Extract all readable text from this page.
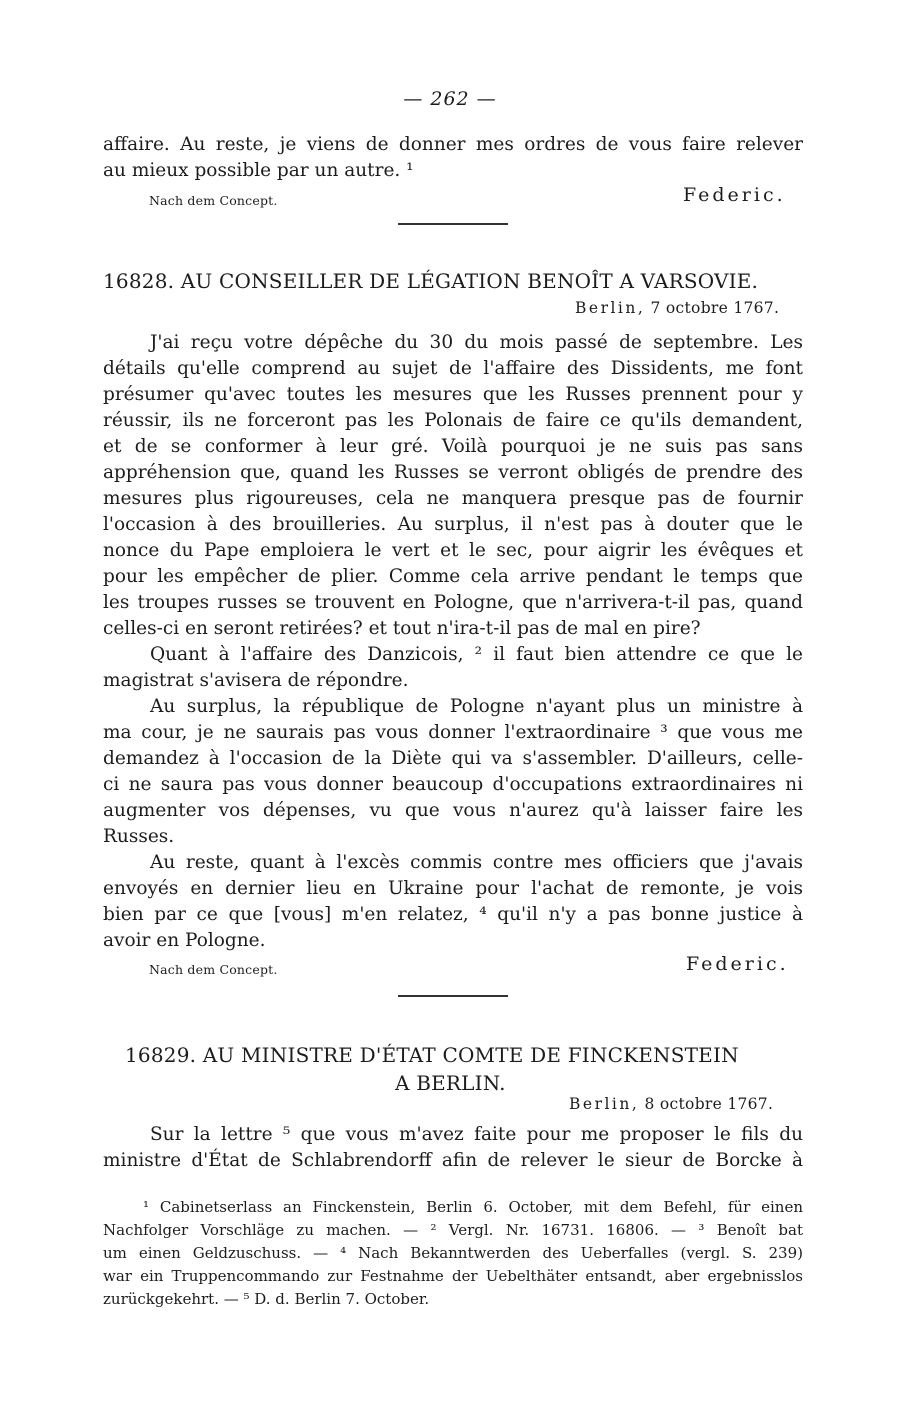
— 262 —
affaire. Au reste, je viens de donner mes ordres de vous faire relever
au mieux possible par un autre. ¹
Nach dem Concept.	Federic.
16828. AU CONSEILLER DE LÉGATION BENOÎT A VARSOVIE.
Berlin, 7 octobre 1767.
J'ai reçu votre dépêche du 30 du mois passé de septembre. Les
détails qu'elle comprend au sujet de l'affaire des Dissidents, me font
présumer qu'avec toutes les mesures que les Russes prennent pour y
réussir, ils ne forceront pas les Polonais de faire ce qu'ils demandent,
et de se conformer à leur gré. Voilà pourquoi je ne suis pas sans
appréhension que, quand les Russes se verront obligés de prendre des
mesures plus rigoureuses, cela ne manquera presque pas de fournir
l'occasion à des brouilleries. Au surplus, il n'est pas à douter que le
nonce du Pape emploiera le vert et le sec, pour aigrir les évêques et
pour les empêcher de plier. Comme cela arrive pendant le temps que
les troupes russes se trouvent en Pologne, que n'arrivera-t-il pas, quand
celles-ci en seront retirées? et tout n'ira-t-il pas de mal en pire?
Quant à l'affaire des Danzicois, ² il faut bien attendre ce que le
magistrat s'avisera de répondre.
Au surplus, la république de Pologne n'ayant plus un ministre à
ma cour, je ne saurais pas vous donner l'extraordinaire ³ que vous me
demandez à l'occasion de la Diète qui va s'assembler. D'ailleurs, celle-
ci ne saura pas vous donner beaucoup d'occupations extraordinaires ni
augmenter vos dépenses, vu que vous n'aurez qu'à laisser faire les
Russes.
Au reste, quant à l'excès commis contre mes officiers que j'avais
envoyés en dernier lieu en Ukraine pour l'achat de remonte, je vois
bien par ce que [vous] m'en relatez, ⁴ qu'il n'y a pas bonne justice à
avoir en Pologne.
Nach dem Concept.	Federic.
16829. AU MINISTRE D'ÉTAT COMTE DE FINCKENSTEIN
A BERLIN.
Berlin, 8 octobre 1767.
Sur la lettre ⁵ que vous m'avez faite pour me proposer le fils du
ministre d'État de Schlabrendorff afin de relever le sieur de Borcke à
¹ Cabinetserlass an Finckenstein, Berlin 6. October, mit dem Befehl, für einen
Nachfolger Vorschläge zu machen. — ² Vergl. Nr. 16731. 16806. — ³ Benoît bat
um einen Geldzuschuss. — ⁴ Nach Bekanntwerden des Ueberfalles (vergl. S. 239)
war ein Truppencommando zur Festnahme der Uebelthäter entsandt, aber ergebnisslos
zurückgekehrt. — ⁵ D. d. Berlin 7. October.
